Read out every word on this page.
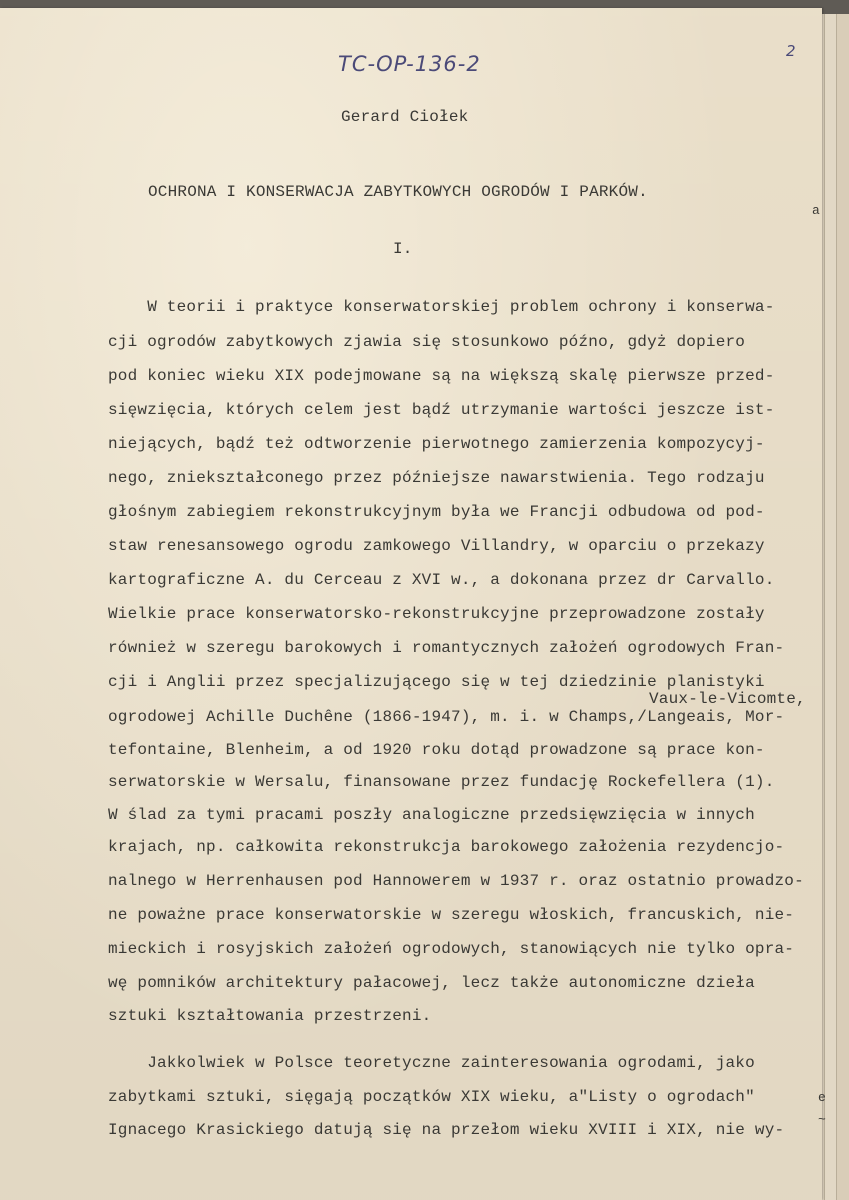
TC-OP-136-2
2
Gerard Ciołek
OCHRONA I KONSERWACJA ZABYTKOWYCH OGRODÓW I PARKÓW.
I.
Vaux-le-Vicomte,
W teorii i praktyce konserwatorskiej problem ochrony i konserwa-
cji ogrodów zabytkowych zjawia się stosunkowo późno, gdyż dopiero
pod koniec wieku XIX podejmowane są na większą skalę pierwsze przed-
sięwzięcia, których celem jest bądź utrzymanie wartości jeszcze ist-
niejących, bądź też odtworzenie pierwotnego zamierzenia kompozycyj-
nego, zniekształconego przez późniejsze nawarstwienia. Tego rodzaju
głośnym zabiegiem rekonstrukcyjnym była we Francji odbudowa od pod-
staw renesansowego ogrodu zamkowego Villandry, w oparciu o przekazy
kartograficzne A. du Cerceau z XVI w., a dokonana przez dr Carvallo.
Wielkie prace konserwatorsko-rekonstrukcyjne przeprowadzone zostały
również w szeregu barokowych i romantycznych założeń ogrodowych Fran-
cji i Anglii przez specjalizującego się w tej dziedzinie planistyki
ogrodowej Achille Duchêne (1866-1947), m. i. w Champs,/Langeais, Mor-
tefontaine, Blenheim, a od 1920 roku dotąd prowadzone są prace kon-
serwatorskie w Wersalu, finansowane przez fundację Rockefellera (1).
W ślad za tymi pracami poszły analogiczne przedsięwzięcia w innych
krajach, np. całkowita rekonstrukcja barokowego założenia rezydencjo-
nalnego w Herrenhausen pod Hannowerem w 1937 r. oraz ostatnio prowadzo-
ne poważne prace konserwatorskie w szeregu włoskich, francuskich, nie-
mieckich i rosyjskich założeń ogrodowych, stanowiących nie tylko opra-
wę pomników architektury pałacowej, lecz także autonomiczne dzieła
sztuki kształtowania przestrzeni.
Jakkolwiek w Polsce teoretyczne zainteresowania ogrodami, jako
zabytkami sztuki, sięgają początków XIX wieku, a"Listy o ogrodach"
Ignacego Krasickiego datują się na przełom wieku XVIII i XIX, nie wy-
a
e
~
